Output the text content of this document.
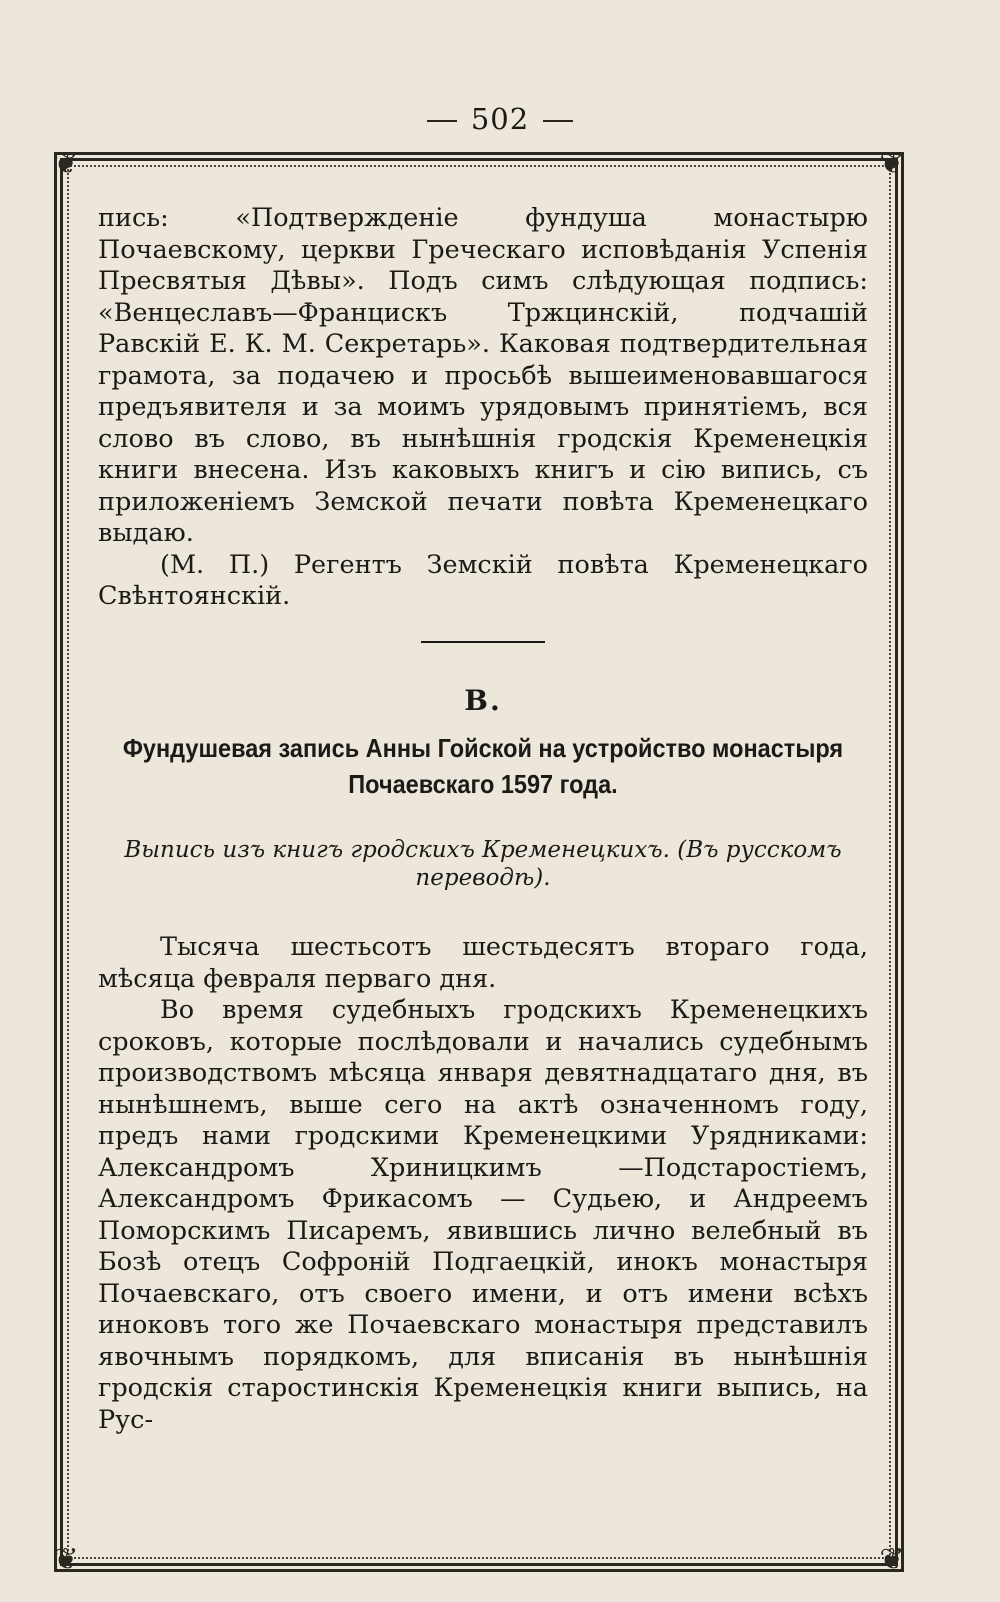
502
❦	❦
❦	❦

пись: «Подтвержденіе фундуша монастырю Почаевскому, церкви Греческаго исповѣданія Успенія Пресвятыя Дѣвы». Подъ симъ слѣдующая подпись: «Венцеславъ—Францискъ Тржцинскій, подчашій Равскій Е. К. М. Секретарь». Каковая подтвердительная грамота, за подачею и просьбѣ вышеименовавшагося предъявителя и за моимъ урядовымъ принятіемъ, вся слово въ слово, въ нынѣшнія гродскія Кременецкія книги внесена. Изъ каковыхъ книгъ и сію випись, съ приложеніемъ Земской печати повѣта Кременецкаго выдаю.

(М. П.) Регентъ Земскій повѣта Кременецкаго Свѣнтоянскій.

В.
Фундушевая запись Анны Гойской на устройство монастыря Почаевскаго 1597 года.
Выпись изъ книгъ гродскихъ Кременецкихъ. (Въ русскомъ переводѣ).

Тысяча шестьсотъ шестьдесятъ втораго года, мѣсяца февраля перваго дня.

Во время судебныхъ гродскихъ Кременецкихъ сроковъ, которые послѣдовали и начались судебнымъ производствомъ мѣсяца января девятнадцатаго дня, въ нынѣшнемъ, выше сего на актѣ означенномъ году, предъ нами гродскими Кременецкими Урядниками: Александромъ Хриницкимъ —Подстаростіемъ, Александромъ Фрикасомъ — Судьею, и Андреемъ Поморскимъ Писаремъ, явившись лично велебный въ Бозѣ отецъ Софроній Подгаецкій, инокъ монастыря Почаевскаго, отъ своего имени, и отъ имени всѣхъ иноковъ того же Почаевскаго монастыря представилъ явочнымъ порядкомъ, для вписанія въ нынѣшнія гродскія старостинскія Кременецкія книги выпись, на Рус-
